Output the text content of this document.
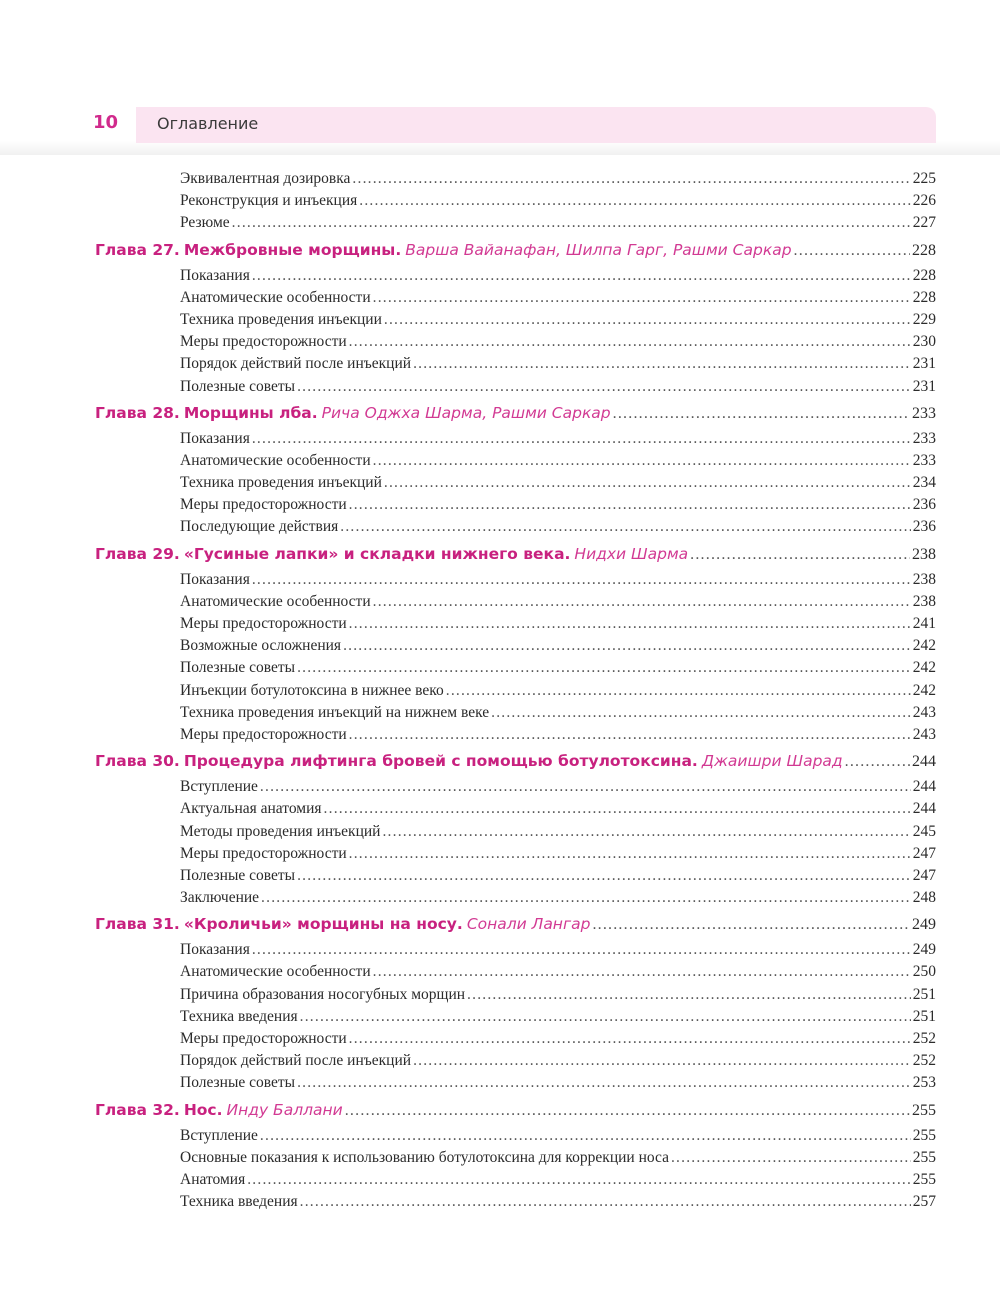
10 Оглавление
Эквивалентная дозировка .....	225
Реконструкция и инъекция .....	226
Резюме .....	227
Глава 27. Межбровные морщины. Варша Вайанафан, Шилпа Гарг, Рашми Саркар .....	228
Показания .....	228
Анатомические особенности .....	228
Техника проведения инъекции .....	229
Меры предосторожности .....	230
Порядок действий после инъекций .....	231
Полезные советы .....	231
Глава 28. Морщины лба. Рича Оджха Шарма, Рашми Саркар .....	233
Показания .....	233
Анатомические особенности .....	233
Техника проведения инъекций .....	234
Меры предосторожности .....	236
Последующие действия .....	236
Глава 29. «Гусиные лапки» и складки нижнего века. Нидхи Шарма .....	238
Показания .....	238
Анатомические особенности .....	238
Меры предосторожности .....	241
Возможные осложнения .....	242
Полезные советы .....	242
Инъекции ботулотоксина в нижнее веко .....	242
Техника проведения инъекций на нижнем веке .....	243
Меры предосторожности .....	243
Глава 30. Процедура лифтинга бровей с помощью ботулотоксина. Джаишри Шарад .....	244
Вступление .....	244
Актуальная анатомия .....	244
Методы проведения инъекций .....	245
Меры предосторожности .....	247
Полезные советы .....	247
Заключение .....	248
Глава 31. «Кроличьи» морщины на носу. Сонали Лангар .....	249
Показания .....	249
Анатомические особенности .....	250
Причина образования носогубных морщин .....	251
Техника введения .....	251
Меры предосторожности .....	252
Порядок действий после инъекций .....	252
Полезные советы .....	253
Глава 32. Нос. Инду Баллани .....	255
Вступление .....	255
Основные показания к использованию ботулотоксина для коррекции носа .....	255
Анатомия .....	255
Техника введения .....	257
